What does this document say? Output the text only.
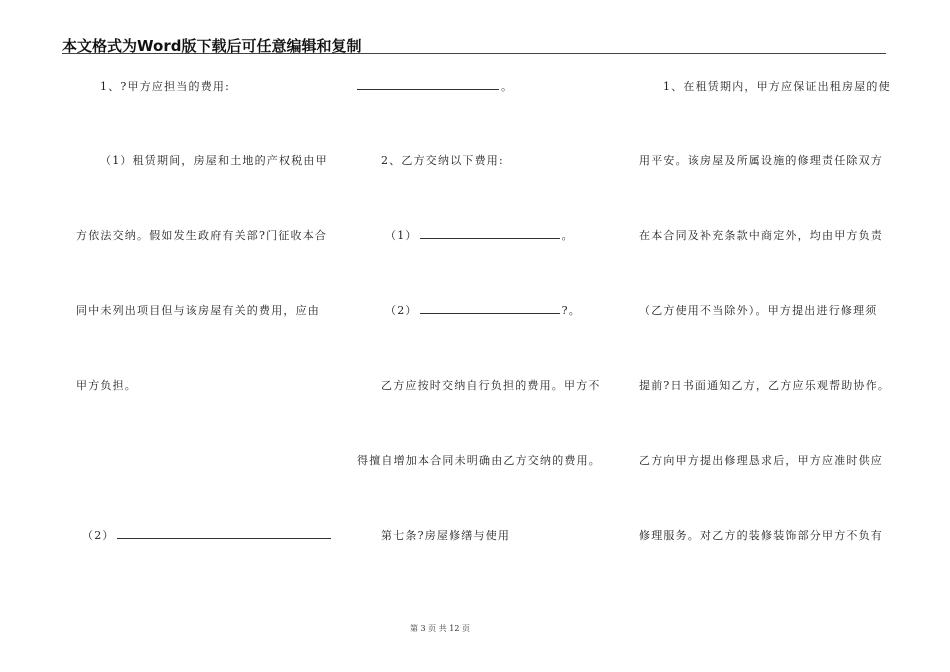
本文格式为Word版下载后可任意编辑和复制
1、?甲方应担当的费用:
（1）租赁期间，房屋和土地的产权税由甲
方依法交纳。假如发生政府有关部?门征收本合
同中未列出项目但与该房屋有关的费用，应由
甲方负担。
（2）
。
2、乙方交纳以下费用:
（1）	。
（2）	?。
乙方应按时交纳自行负担的费用。甲方不
得擅自增加本合同未明确由乙方交纳的费用。
第七条?房屋修缮与使用
1、在租赁期内，甲方应保证出租房屋的使
用平安。该房屋及所属设施的修理责任除双方
在本合同及补充条款中商定外，均由甲方负责
（乙方使用不当除外）。甲方提出进行修理须
提前?日书面通知乙方，乙方应乐观帮助协作。
乙方向甲方提出修理恳求后，甲方应准时供应
修理服务。对乙方的装修装饰部分甲方不负有
第 3 页 共 12 页
